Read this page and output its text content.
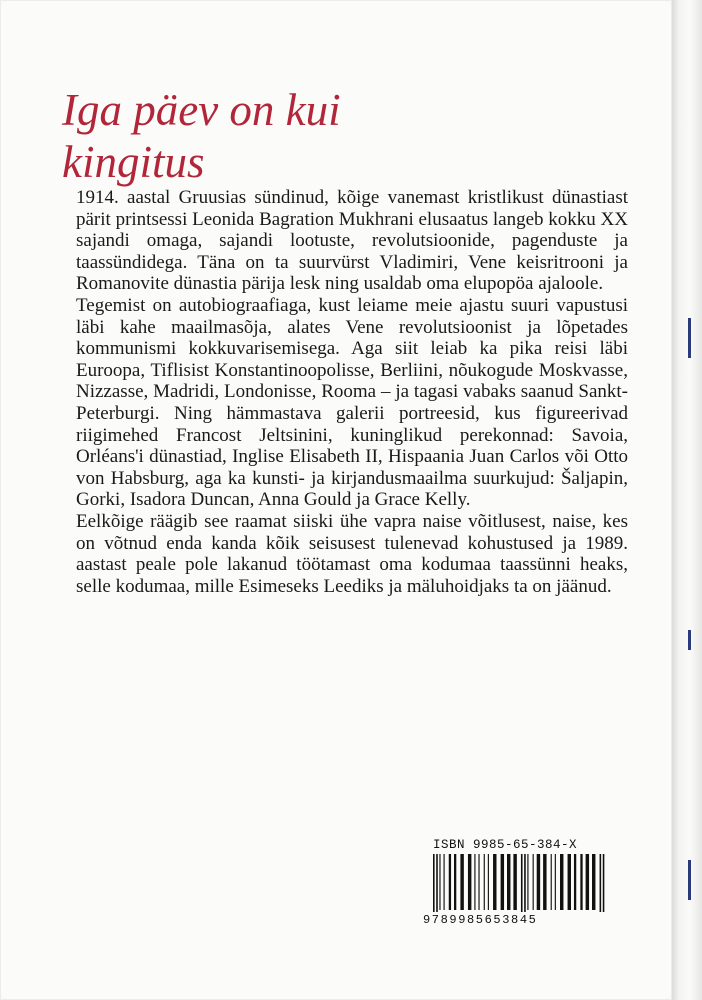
Iga päev on kui
kingitus

1914. aastal Gruusias sündinud, kõige vanemast kristlikust dünastiast pärit printsessi Leonida Bagration Mukhrani elusaatus langeb kokku XX sajandi omaga, sajandi lootuste, revolutsioonide, pagenduste ja taassündidega. Täna on ta suurvürst Vladimiri, Vene keisritrooni ja Romanovite dünastia pärija lesk ning usaldab oma elupopöa ajaloole.

Tegemist on autobiograafiaga, kust leiame meie ajastu suuri vapustusi läbi kahe maailmasõja, alates Vene revolutsioonist ja lõpetades kommunismi kokkuvarisemisega. Aga siit leiab ka pika reisi läbi Euroopa, Tiflisist Konstantinoopolisse, Berliini, nõukogude Moskvasse, Nizzasse, Madridi, Londonisse, Rooma – ja tagasi vabaks saanud Sankt-Peterburgi. Ning hämmastava galerii portreesid, kus figureerivad riigimehed Francost Jeltsinini, kuninglikud perekonnad: Savoia, Orléans'i dünastiad, Inglise Elisabeth II, Hispaania Juan Carlos või Otto von Habsburg, aga ka kunsti- ja kirjandusmaailma suurkujud: Šaljapin, Gorki, Isadora Duncan, Anna Gould ja Grace Kelly.

Eelkõige räägib see raamat siiski ühe vapra naise võitlusest, naise, kes on võtnud enda kanda kõik seisusest tulenevad kohustused ja 1989. aastast peale pole lakanud töötamast oma kodumaa taassünni heaks, selle kodumaa, mille Esimeseks Leediks ja mäluhoidjaks ta on jäänud.

ISBN 9985-65-384-X
9789985653845
